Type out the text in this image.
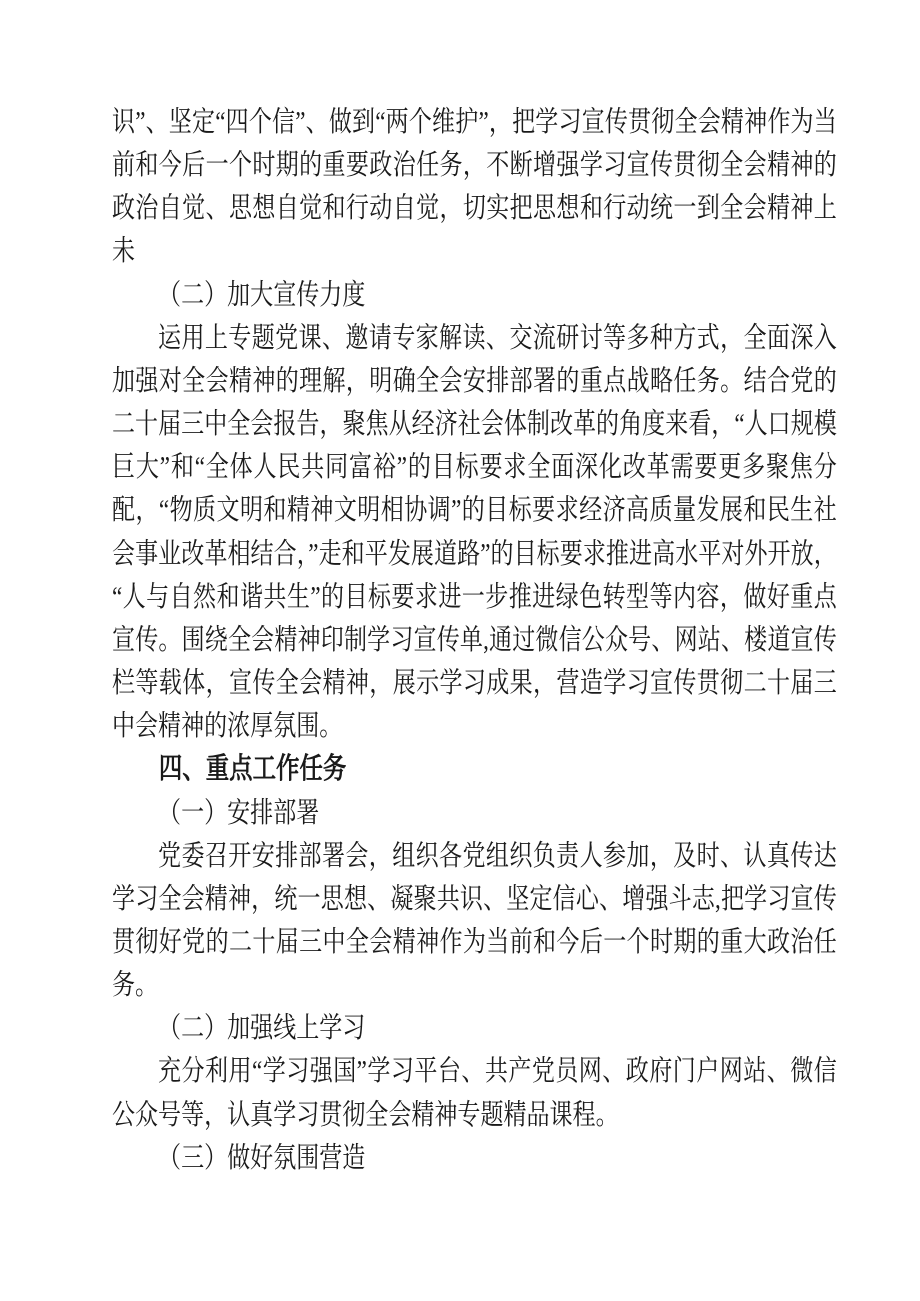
识”、坚定“四个信”、做到“两个维护”，把学习宣传贯彻全会精神作为当前和今后一个时期的重要政治任务，不断增强学习宣传贯彻全会精神的政治自觉、思想自觉和行动自觉，切实把思想和行动统一到全会精神上未

（二）加大宣传力度

运用上专题党课、邀请专家解读、交流研讨等多种方式，全面深入加强对全会精神的理解，明确全会安排部署的重点战略任务。结合党的二十届三中全会报告，聚焦从经济社会体制改革的角度来看，“人口规模巨大”和“全体人民共同富裕”的目标要求全面深化改革需要更多聚焦分配，“物质文明和精神文明相协调”的目标要求经济高质量发展和民生社会事业改革相结合，”走和平发展道路”的目标要求推进高水平对外开放，“人与自然和谐共生”的目标要求进一步推进绿色转型等内容，做好重点宣传。围绕全会精神印制学习宣传单,通过微信公众号、网站、楼道宣传栏等载体，宣传全会精神，展示学习成果，营造学习宣传贯彻二十届三中会精神的浓厚氛围。

四、重点工作任务

（一）安排部署

党委召开安排部署会，组织各党组织负责人参加，及时、认真传达学习全会精神，统一思想、凝聚共识、坚定信心、增强斗志,把学习宣传贯彻好党的二十届三中全会精神作为当前和今后一个时期的重大政治任务。

（二）加强线上学习

充分利用“学习强国”学习平台、共产党员网、政府门户网站、微信公众号等，认真学习贯彻全会精神专题精品课程。

（三）做好氛围营造
